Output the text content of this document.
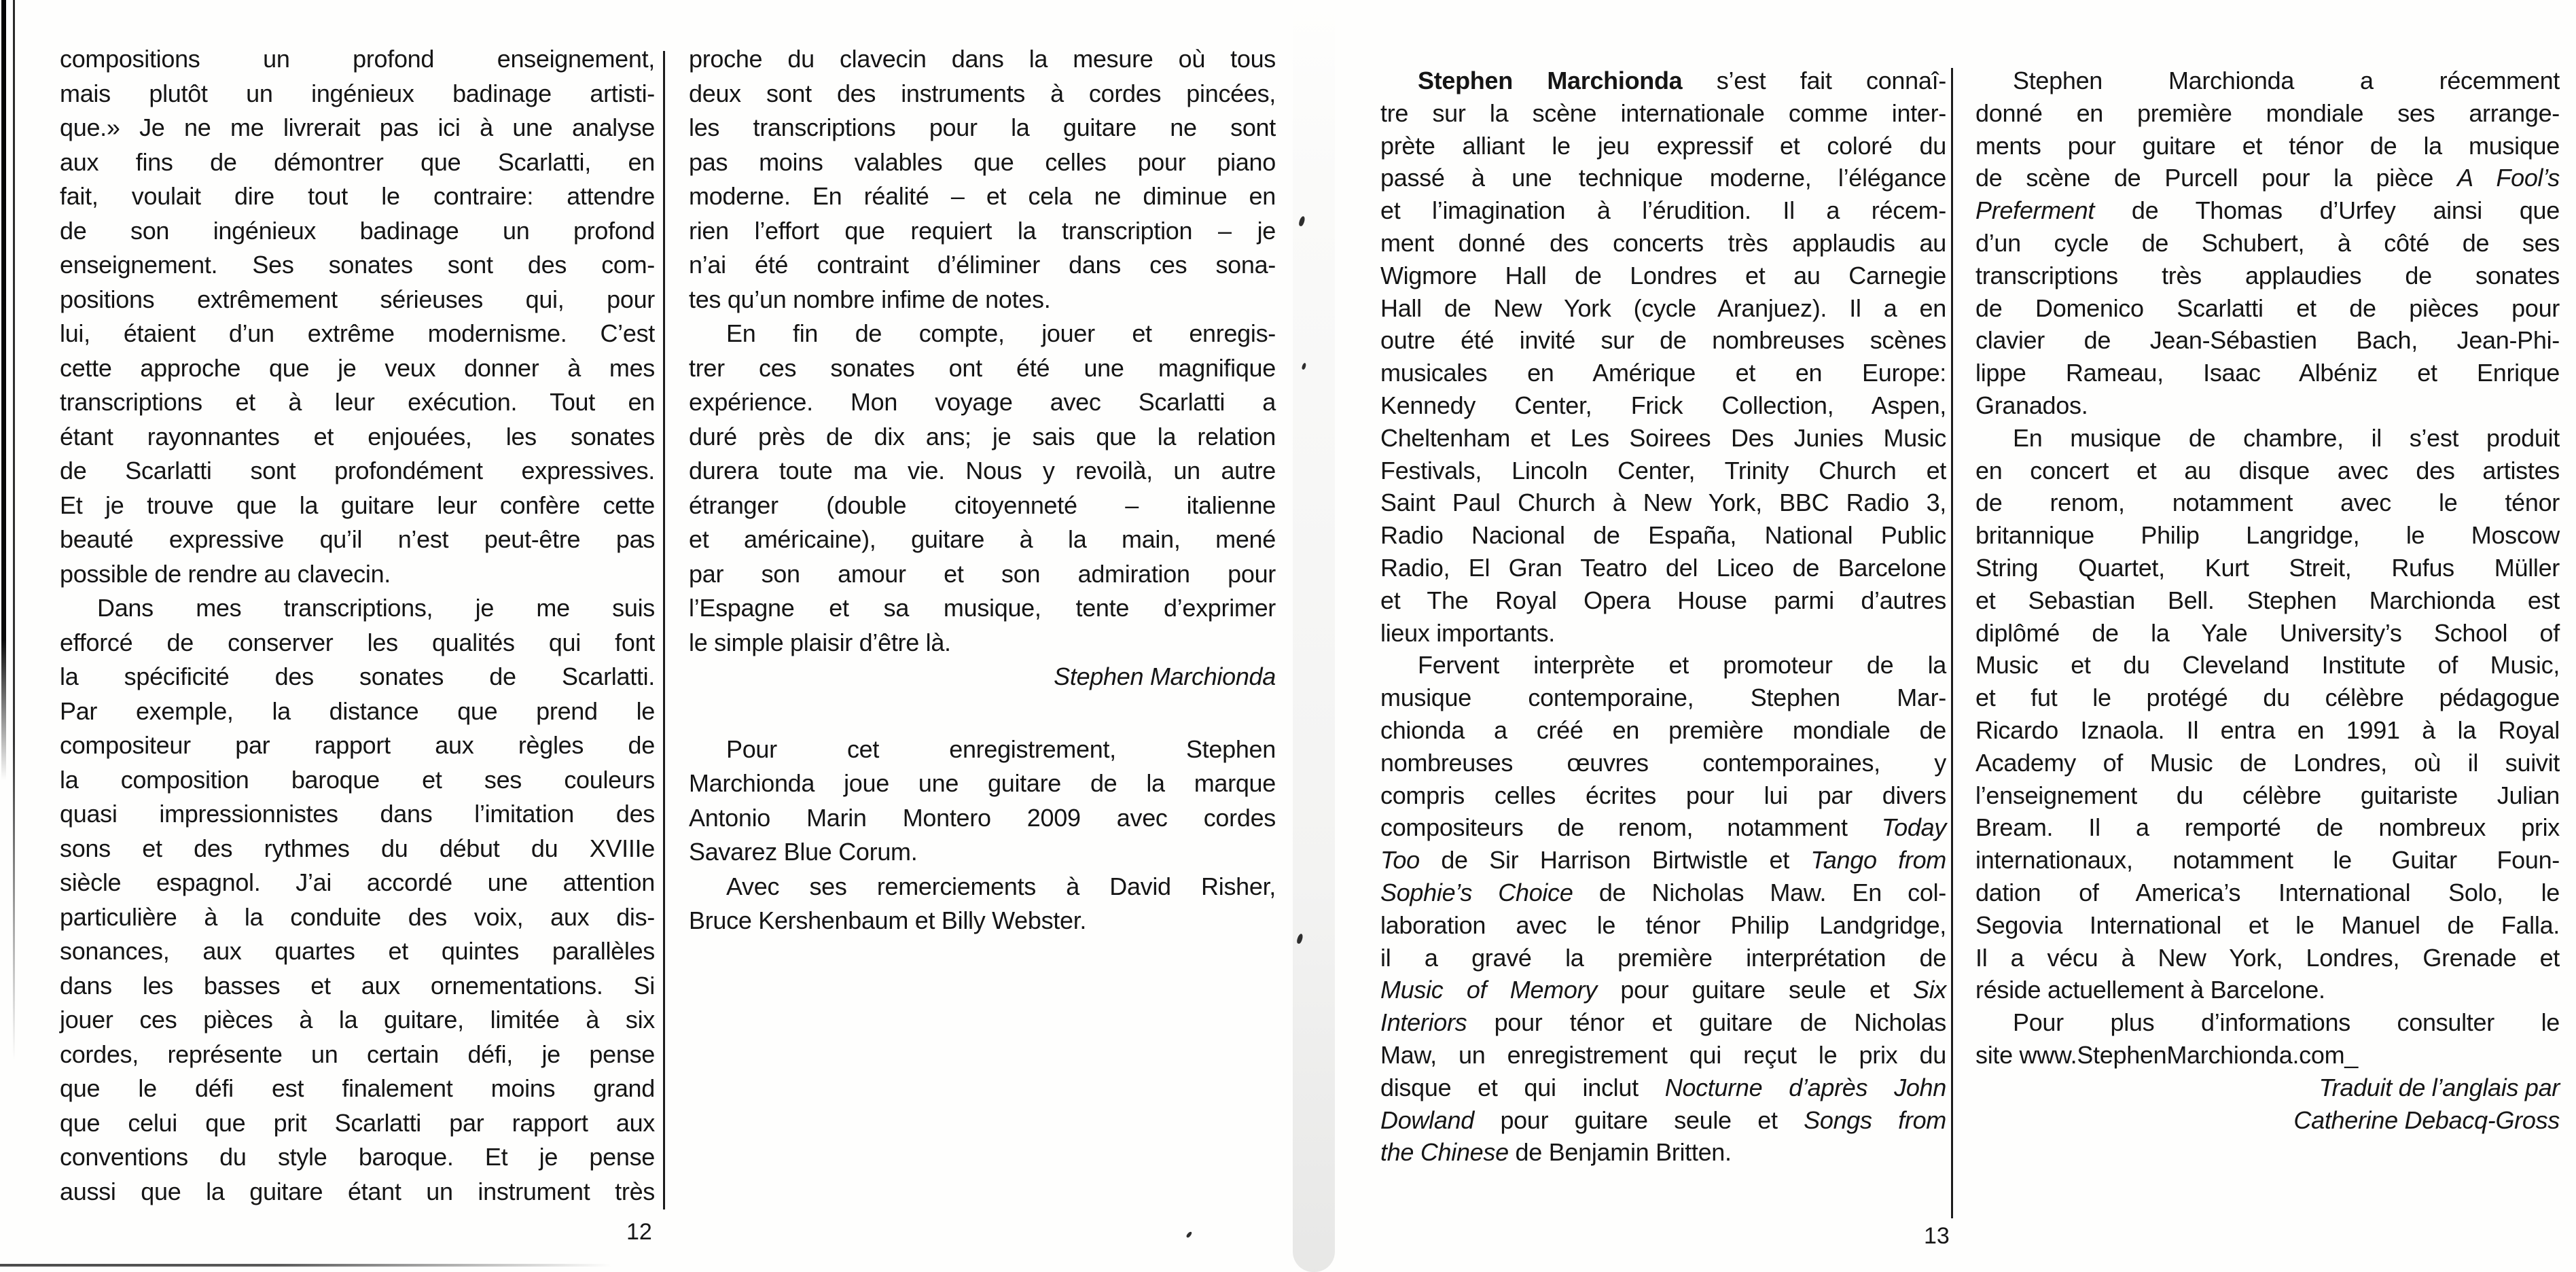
compositions un profond enseignement,
mais plutôt un ingénieux badinage artisti-
que.» Je ne me livrerait pas ici à une analyse
aux fins de démontrer que Scarlatti, en
fait, voulait dire tout le contraire: attendre
de son ingénieux badinage un profond
enseignement. Ses sonates sont des com-
positions extrêmement sérieuses qui, pour
lui, étaient d’un extrême modernisme. C’est
cette approche que je veux donner à mes
transcriptions et à leur exécution. Tout en
étant rayonnantes et enjouées, les sonates
de Scarlatti sont profondément expressives.
Et je trouve que la guitare leur confère cette
beauté expressive qu’il n’est peut-être pas
possible de rendre au clavecin.
Dans mes transcriptions, je me suis
efforcé de conserver les qualités qui font
la spécificité des sonates de Scarlatti.
Par exemple, la distance que prend le
compositeur par rapport aux règles de
la composition baroque et ses couleurs
quasi impressionnistes dans l’imitation des
sons et des rythmes du début du XVIIIe
siècle espagnol. J’ai accordé une attention
particulière à la conduite des voix, aux dis-
sonances, aux quartes et quintes parallèles
dans les basses et aux ornementations. Si
jouer ces pièces à la guitare, limitée à six
cordes, représente un certain défi, je pense
que le défi est finalement moins grand
que celui que prit Scarlatti par rapport aux
conventions du style baroque. Et je pense
aussi que la guitare étant un instrument très
proche du clavecin dans la mesure où tous
deux sont des instruments à cordes pincées,
les transcriptions pour la guitare ne sont
pas moins valables que celles pour piano
moderne. En réalité – et cela ne diminue en
rien l’effort que requiert la transcription – je
n’ai été contraint d’éliminer dans ces sona-
tes qu’un nombre infime de notes.
En fin de compte, jouer et enregis-
trer ces sonates ont été une magnifique
expérience. Mon voyage avec Scarlatti a
duré près de dix ans; je sais que la relation
durera toute ma vie. Nous y revoilà, un autre
étranger (double citoyenneté – italienne
et américaine), guitare à la main, mené
par son amour et son admiration pour
l’Espagne et sa musique, tente d’exprimer
le simple plaisir d’être là.
Stephen Marchionda
Pour cet enregistrement, Stephen
Marchionda joue une guitare de la marque
Antonio Marin Montero 2009 avec cordes
Savarez Blue Corum.
Avec ses remerciements à David Risher,
Bruce Kershenbaum et Billy Webster.
Stephen Marchionda s’est fait connaî-
tre sur la scène internationale comme inter-
prète alliant le jeu expressif et coloré du
passé à une technique moderne, l’élégance
et l’imagination à l’érudition. Il a récem-
ment donné des concerts très applaudis au
Wigmore Hall de Londres et au Carnegie
Hall de New York (cycle Aranjuez). Il a en
outre été invité sur de nombreuses scènes
musicales en Amérique et en Europe:
Kennedy Center, Frick Collection, Aspen,
Cheltenham et Les Soirees Des Junies Music
Festivals, Lincoln Center, Trinity Church et
Saint Paul Church à New York, BBC Radio 3,
Radio Nacional de España, National Public
Radio, El Gran Teatro del Liceo de Barcelone
et The Royal Opera House parmi d’autres
lieux importants.
Fervent interprète et promoteur de la
musique contemporaine, Stephen Mar-
chionda a créé en première mondiale de
nombreuses œuvres contemporaines, y
compris celles écrites pour lui par divers
compositeurs de renom, notamment Today
Too de Sir Harrison Birtwistle et Tango from
Sophie’s Choice de Nicholas Maw. En col-
laboration avec le ténor Philip Landgridge,
il a gravé la première interprétation de
Music of Memory pour guitare seule et Six
Interiors pour ténor et guitare de Nicholas
Maw, un enregistrement qui reçut le prix du
disque et qui inclut Nocturne d’après John
Dowland pour guitare seule et Songs from
the Chinese de Benjamin Britten.
Stephen Marchionda a récemment
donné en première mondiale ses arrange-
ments pour guitare et ténor de la musique
de scène de Purcell pour la pièce A Fool’s
Preferment de Thomas d’Urfey ainsi que
d’un cycle de Schubert, à côté de ses
transcriptions très applaudies de sonates
de Domenico Scarlatti et de pièces pour
clavier de Jean-Sébastien Bach, Jean-Phi-
lippe Rameau, Isaac Albéniz et Enrique
Granados.
En musique de chambre, il s’est produit
en concert et au disque avec des artistes
de renom, notamment avec le ténor
britannique Philip Langridge, le Moscow
String Quartet, Kurt Streit, Rufus Müller
et Sebastian Bell. Stephen Marchionda est
diplômé de la Yale University’s School of
Music et du Cleveland Institute of Music,
et fut le protégé du célèbre pédagogue
Ricardo Iznaola. Il entra en 1991 à la Royal
Academy of Music de Londres, où il suivit
l’enseignement du célèbre guitariste Julian
Bream. Il a remporté de nombreux prix
internationaux, notamment le Guitar Foun-
dation of America’s International Solo, le
Segovia International et le Manuel de Falla.
Il a vécu à New York, Londres, Grenade et
réside actuellement à Barcelone.
Pour plus d’informations consulter le
site www.StephenMarchionda.com_
Traduit de l’anglais par
Catherine Debacq-Gross
12	13
